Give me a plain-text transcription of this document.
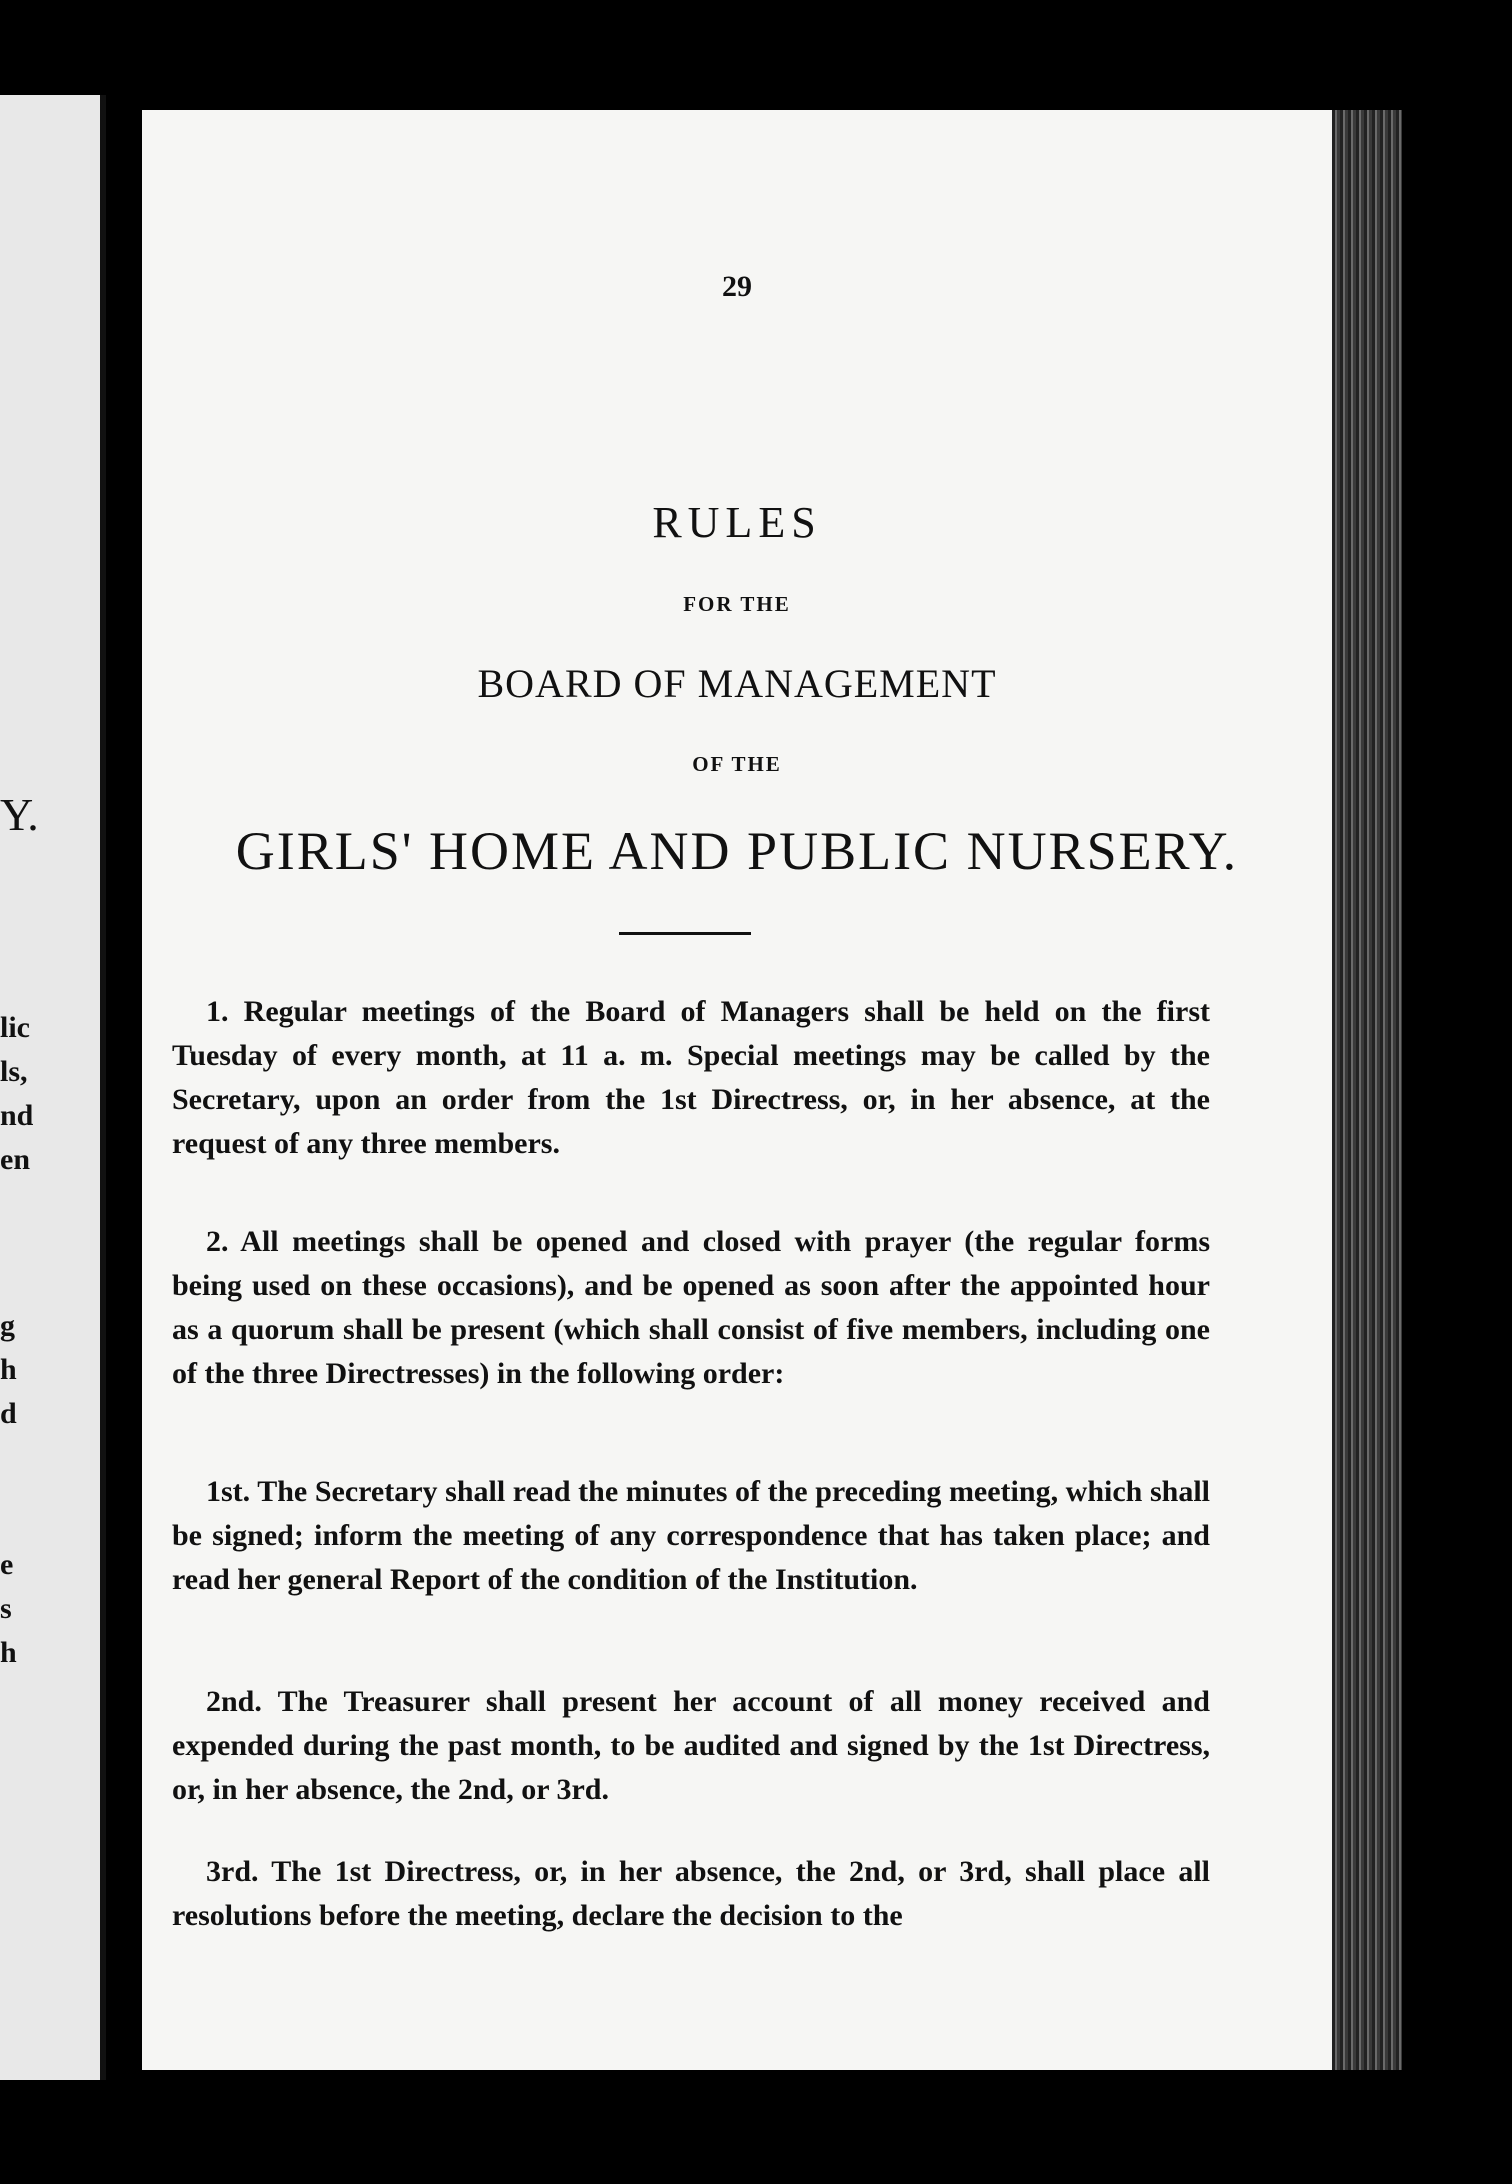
Y.
lic
ls,
nd
en
g
h
d
e
s
h
29
RULES
FOR THE
BOARD OF MANAGEMENT
OF THE
GIRLS' HOME AND PUBLIC NURSERY.

1. Regular meetings of the Board of Managers shall be held on the first Tuesday of every month, at 11 a. m. Special meetings may be called by the Secretary, upon an order from the 1st Directress, or, in her absence, at the request of any three members.

2. All meetings shall be opened and closed with prayer (the regular forms being used on these occasions), and be opened as soon after the appointed hour as a quorum shall be present (which shall consist of five members, including one of the three Directresses) in the following order:

1st. The Secretary shall read the minutes of the preceding meeting, which shall be signed; inform the meeting of any correspondence that has taken place; and read her general Report of the condition of the Institution.

2nd. The Treasurer shall present her account of all money received and expended during the past month, to be audited and signed by the 1st Directress, or, in her absence, the 2nd, or 3rd.

3rd. The 1st Directress, or, in her absence, the 2nd, or 3rd, shall place all resolutions before the meeting, declare the decision to the
